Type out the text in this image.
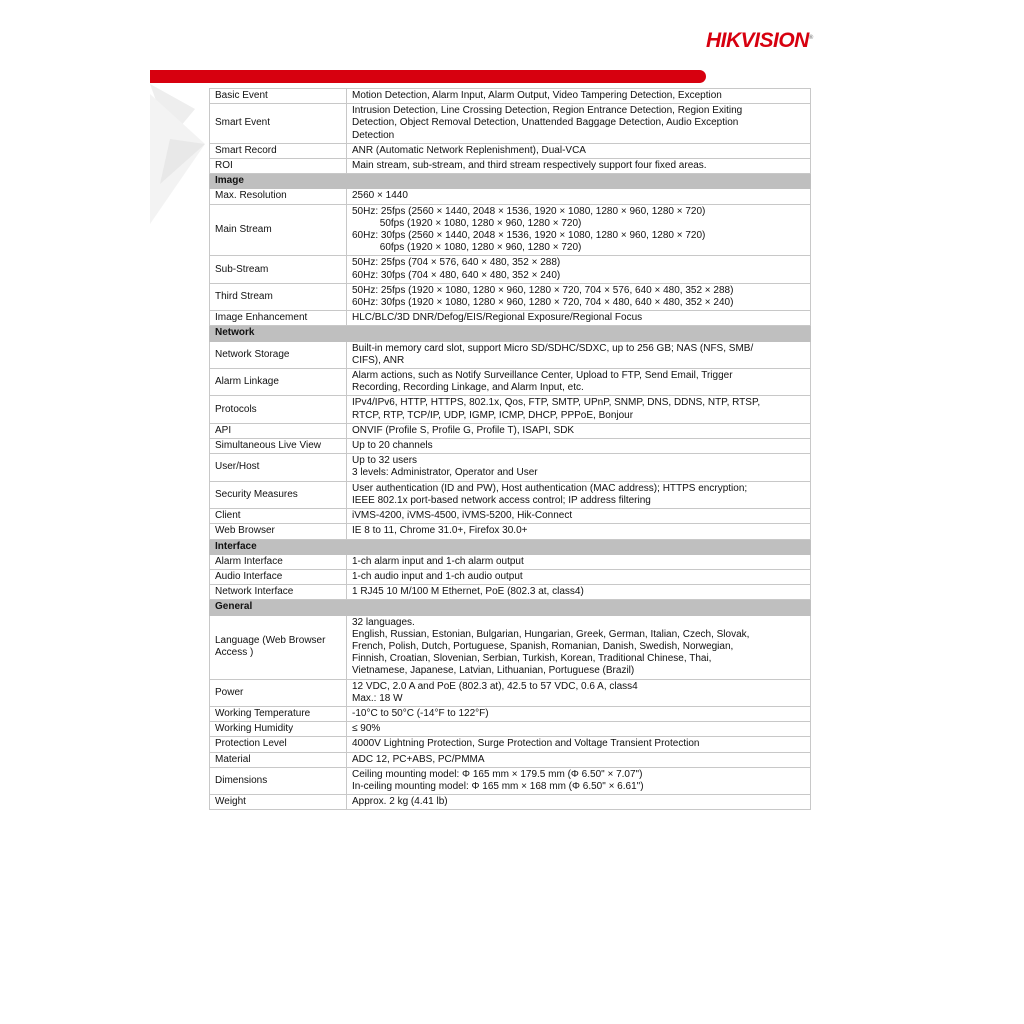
HIKVISION®
Basic Event	Motion Detection, Alarm Input, Alarm Output, Video Tampering Detection, Exception
Smart Event	Intrusion Detection, Line Crossing Detection, Region Entrance Detection, Region Exiting
Detection, Object Removal Detection, Unattended Baggage Detection, Audio Exception
Detection
Smart Record	ANR (Automatic Network Replenishment), Dual-VCA
ROI	Main stream, sub-stream, and third stream respectively support four fixed areas.
Image	
Max. Resolution	2560 × 1440
Main Stream	50Hz: 25fps (2560 × 1440, 2048 × 1536, 1920 × 1080, 1280 × 960, 1280 × 720)
50fps (1920 × 1080, 1280 × 960, 1280 × 720)
60Hz: 30fps (2560 × 1440, 2048 × 1536, 1920 × 1080, 1280 × 960, 1280 × 720)
60fps (1920 × 1080, 1280 × 960, 1280 × 720)
Sub-Stream	50Hz: 25fps (704 × 576, 640 × 480, 352 × 288)
60Hz: 30fps (704 × 480, 640 × 480, 352 × 240)
Third Stream	50Hz: 25fps (1920 × 1080, 1280 × 960, 1280 × 720, 704 × 576, 640 × 480, 352 × 288)
60Hz: 30fps (1920 × 1080, 1280 × 960, 1280 × 720, 704 × 480, 640 × 480, 352 × 240)
Image Enhancement	HLC/BLC/3D DNR/Defog/EIS/Regional Exposure/Regional Focus
Network	
Network Storage	Built-in memory card slot, support Micro SD/SDHC/SDXC, up to 256 GB; NAS (NFS, SMB/
CIFS), ANR
Alarm Linkage	Alarm actions, such as Notify Surveillance Center, Upload to FTP, Send Email, Trigger
Recording, Recording Linkage, and Alarm Input, etc.
Protocols	IPv4/IPv6, HTTP, HTTPS, 802.1x, Qos, FTP, SMTP, UPnP, SNMP, DNS, DDNS, NTP, RTSP,
RTCP, RTP, TCP/IP, UDP, IGMP, ICMP, DHCP, PPPoE, Bonjour
API	ONVIF (Profile S, Profile G, Profile T), ISAPI, SDK
Simultaneous Live View	Up to 20 channels
User/Host	Up to 32 users
3 levels: Administrator, Operator and User
Security Measures	User authentication (ID and PW), Host authentication (MAC address); HTTPS encryption;
IEEE 802.1x port-based network access control; IP address filtering
Client	iVMS-4200, iVMS-4500, iVMS-5200, Hik-Connect
Web Browser	IE 8 to 11, Chrome 31.0+, Firefox 30.0+
Interface	
Alarm Interface	1-ch alarm input and 1-ch alarm output
Audio Interface	1-ch audio input and 1-ch audio output
Network Interface	1 RJ45 10 M/100 M Ethernet, PoE (802.3 at, class4)
General	
Language (Web Browser Access )	32 languages.
English, Russian, Estonian, Bulgarian, Hungarian, Greek, German, Italian, Czech, Slovak,
French, Polish, Dutch, Portuguese, Spanish, Romanian, Danish, Swedish, Norwegian,
Finnish, Croatian, Slovenian, Serbian, Turkish, Korean, Traditional Chinese, Thai,
Vietnamese, Japanese, Latvian, Lithuanian, Portuguese (Brazil)
Power	12 VDC, 2.0 A and PoE (802.3 at), 42.5 to 57 VDC, 0.6 A, class4
Max.: 18 W
Working Temperature	-10°C to 50°C (-14°F to 122°F)
Working Humidity	≤ 90%
Protection Level	4000V Lightning Protection, Surge Protection and Voltage Transient Protection
Material	ADC 12, PC+ABS, PC/PMMA
Dimensions	Ceiling mounting model: Φ 165 mm × 179.5 mm (Φ 6.50" × 7.07")
In-ceiling mounting model: Φ 165 mm × 168 mm (Φ 6.50" × 6.61")
Weight	Approx. 2 kg (4.41 lb)
